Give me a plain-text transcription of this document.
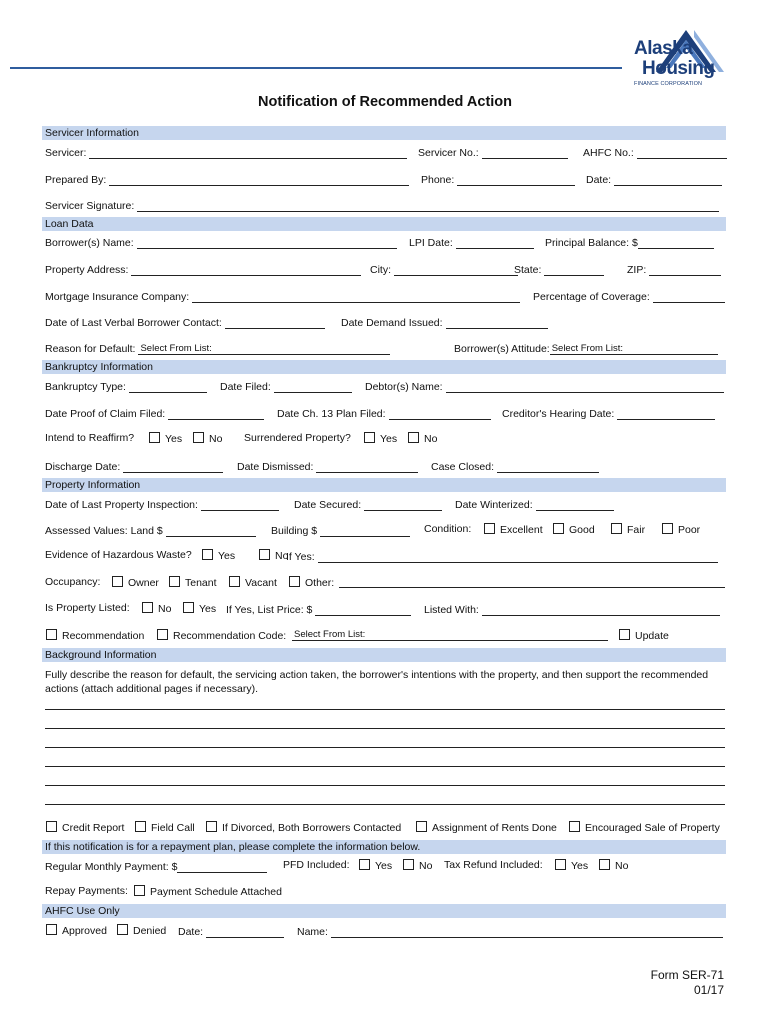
Alaska
Housing
FINANCE CORPORATION
Notification of Recommended Action
Servicer Information
Servicer:	Servicer No.:	AHFC No.:
Prepared By:	Phone:	Date:
Servicer Signature:
Loan Data
Borrower(s) Name:	LPI Date:	Principal Balance: $
Property Address:	City:	State:	ZIP:
Mortgage Insurance Company:	Percentage of Coverage:
Date of Last Verbal Borrower Contact:	Date Demand Issued:
Reason for Default: Select From List:	Borrower(s) Attitude: Select From List:
Bankruptcy Information
Bankruptcy Type:	Date Filed:	Debtor(s) Name:
Date Proof of Claim Filed:	Date Ch. 13 Plan Filed:	Creditor's Hearing Date:
Intend to Reaffirm?	Yes	No Surrendered Property?	Yes	No
Discharge Date:	Date Dismissed:	Case Closed:
Property Information
Date of Last Property Inspection:	Date Secured:	Date Winterized:
Assessed Values: Land $	Building $	Condition:	Excellent	Good	Fair	Poor
Evidence of Hazardous Waste?	Yes	No
If Yes:
Occupancy:	Owner	Tenant	Vacant	Other:
Is Property Listed:	No	Yes If Yes, List Price: $	Listed With:
Recommendation	Recommendation Code: Select From List:	Update
Background Information
Fully describe the reason for default, the servicing action taken, the borrower's intentions with the property, and then support the recommended actions (attach additional pages if necessary).
Credit Report	Field Call	If Divorced, Both Borrowers Contacted	Assignment of Rents Done	Encouraged Sale of Property
If this notification is for a repayment plan, please complete the information below.
Regular Monthly Payment: $	PFD Included:	Yes	No Tax Refund Included:	Yes	No
Repay Payments:	Payment Schedule Attached
AHFC Use Only
Approved	Denied Date:	Name:
Form SER-71
01/17
